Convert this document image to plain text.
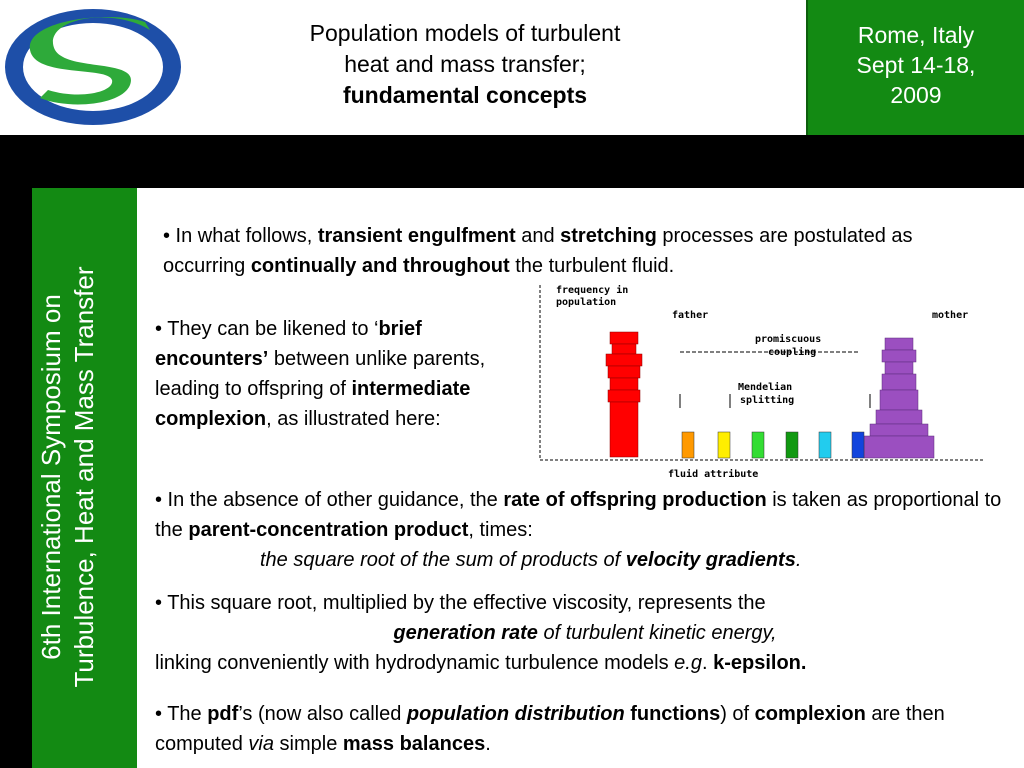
Population models of turbulent
heat and mass transfer;
fundamental concepts
Rome, Italy
Sept 14-18,
2009
6th International Symposium on Turbulence, Heat and Mass Transfer
• In what follows, transient engulfment and stretching processes are postulated as occurring continually and throughout the turbulent fluid.
• They can be likened to ‘brief encounters’ between unlike parents, leading to offspring of intermediate complexion, as illustrated here:
frequency in
population
father	mother
promiscuous
coupling
Mendelian
splitting
fluid attribute
• In the absence of other guidance, the rate of offspring production is taken as proportional to the parent-concentration product, times:
the square root of the sum of products of velocity gradients.
• This square root, multiplied by the effective viscosity, represents the
generation rate of turbulent kinetic energy,
linking conveniently with hydrodynamic turbulence models e.g. k-epsilon.
• The pdf’s (now also called population distribution functions) of complexion are then computed via simple mass balances.
